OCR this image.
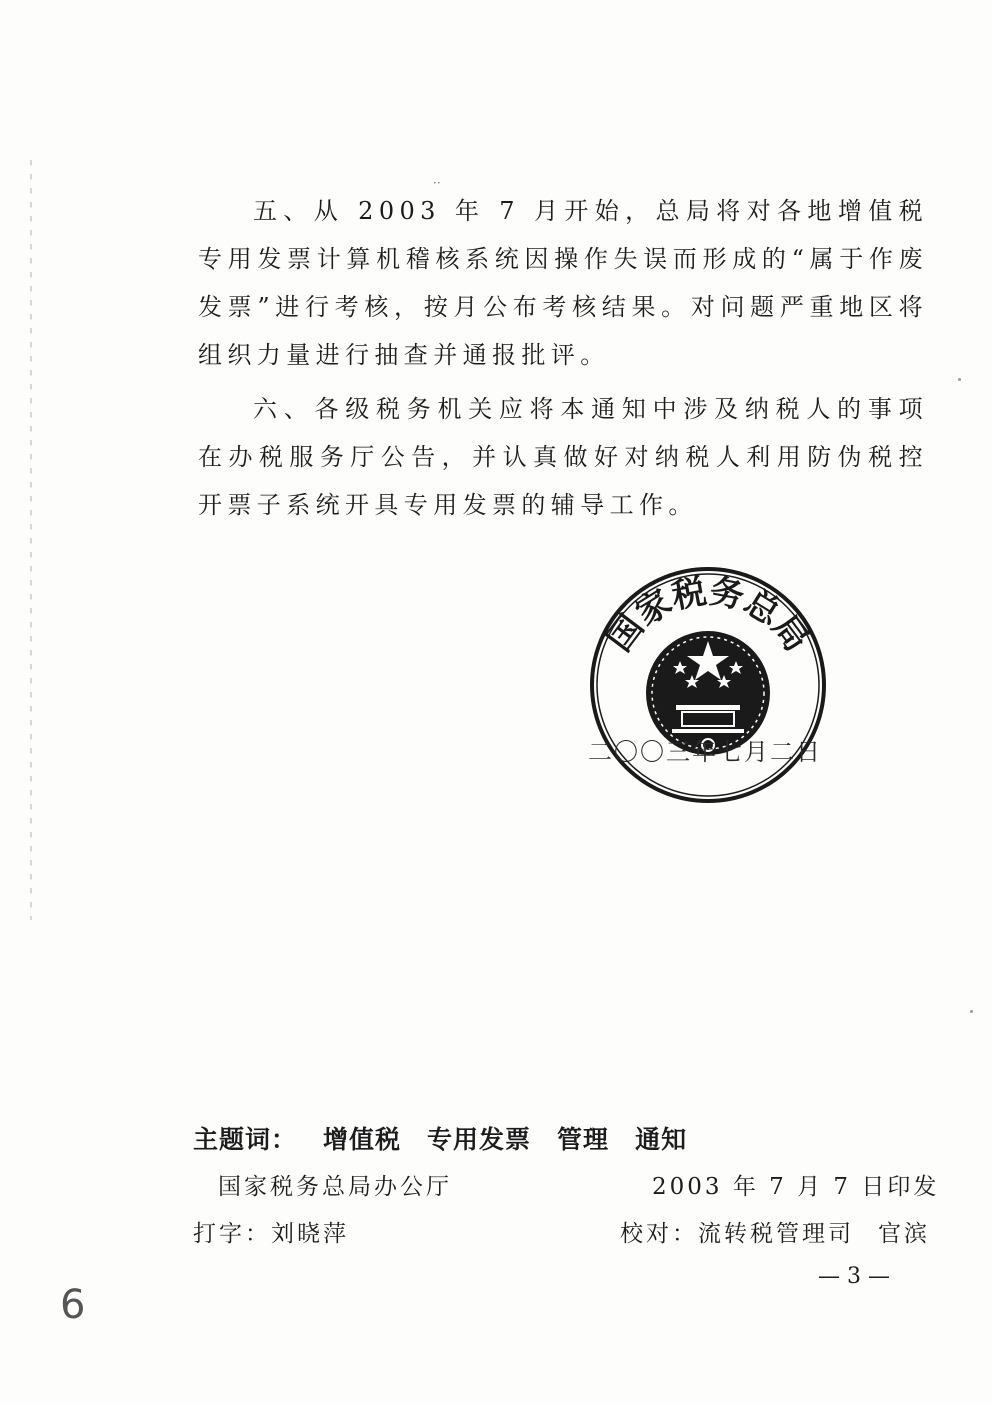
··

五、从 2003 年 7 月开始，总局将对各地增值税专用发票计算机稽核系统因操作失误而形成的“属于作废发票”进行考核，按月公布考核结果。对问题严重地区将组织力量进行抽查并通报批评。

六、各级税务机关应将本通知中涉及纳税人的事项在办税服务厅公告，并认真做好对纳税人利用防伪税控开票子系统开具专用发票的辅导工作。

国家税务总局
二〇〇三年七月二日
主题词： 增值税 专用发票 管理 通知
国家税务总局办公厅	2003 年 7 月 7 日印发
打字：刘晓萍	校对：流转税管理司 官滨
— 3 —
6
